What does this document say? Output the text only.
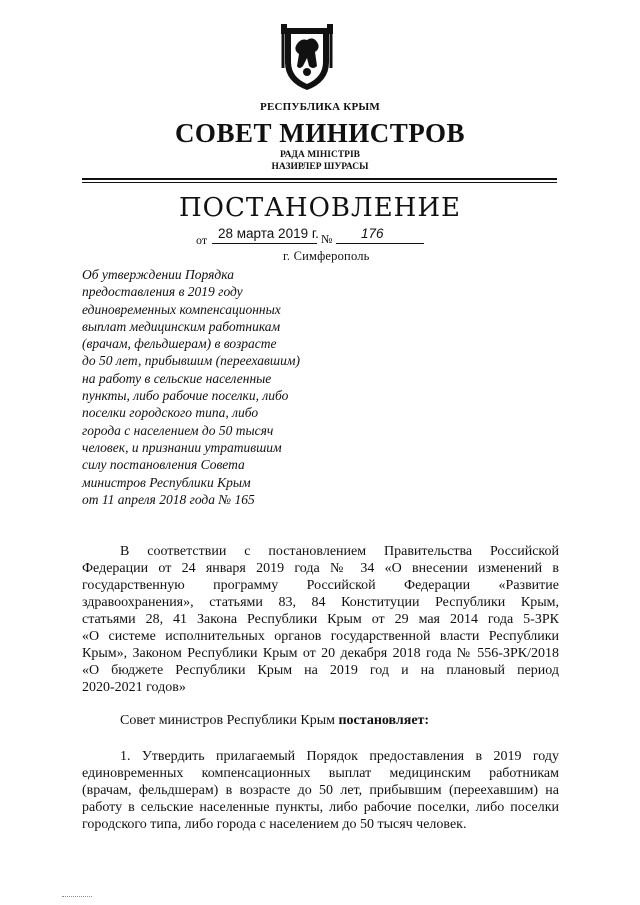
РЕСПУБЛИКА КРЫМ
СОВЕТ МИНИСТРОВ
РАДА МІНІСТРІВ
НАЗИРЛЕР ШУРАСЫ
ПОСТАНОВЛЕНИЕ
от 28 марта 2019 г. № 176
г. Симферополь
Об утверждении Порядка
предоставления в 2019 году
единовременных компенсационных
выплат медицинским работникам
(врачам, фельдшерам) в возрасте
до 50 лет, прибывшим (переехавшим)
на работу в сельские населенные
пункты, либо рабочие поселки, либо
поселки городского типа, либо
города с населением до 50 тысяч
человек, и признании утратившим
силу постановления Совета
министров Республики Крым
от 11 апреля 2018 года № 165
В соответствии с постановлением Правительства Российской
Федерации от 24 января 2019 года № 34 «О внесении изменений в
государственную программу Российской Федерации «Развитие
здравоохранения», статьями 83, 84 Конституции Республики Крым,
статьями 28, 41 Закона Республики Крым от 29 мая 2014 года 5-ЗРК
«О системе исполнительных органов государственной власти Республики
Крым», Законом Республики Крым от 20 декабря 2018 года № 556-ЗРК/2018
«О бюджете Республики Крым на 2019 год и на плановый период
2020-2021 годов»
Совет министров Республики Крым постановляет:
1. Утвердить прилагаемый Порядок предоставления в 2019 году
единовременных компенсационных выплат медицинским работникам
(врачам, фельдшерам) в возрасте до 50 лет, прибывшим (переехавшим) на
работу в сельские населенные пункты, либо рабочие поселки, либо поселки
городского типа, либо города с населением до 50 тысяч человек.
